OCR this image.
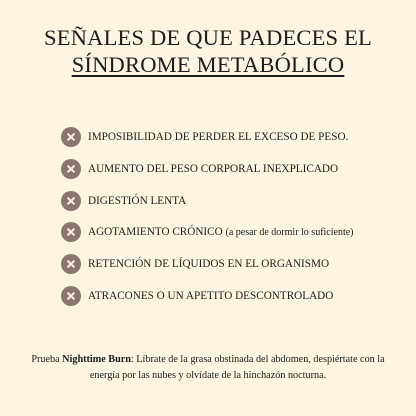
SEÑALES DE QUE PADECES EL
SÍNDROME METABÓLICO
IMPOSIBILIDAD DE PERDER EL EXCESO DE PESO.
AUMENTO DEL PESO CORPORAL INEXPLICADO
DIGESTIÓN LENTA
AGOTAMIENTO CRÓNICO (a pesar de dormir lo suficiente)
RETENCIÓN DE LÍQUIDOS EN EL ORGANISMO
ATRACONES O UN APETITO DESCONTROLADO
Prueba Nighttime Burn: Líbrate de la grasa obstinada del abdomen, despiértate con la energía por las nubes y olvídate de la hinchazón nocturna.
